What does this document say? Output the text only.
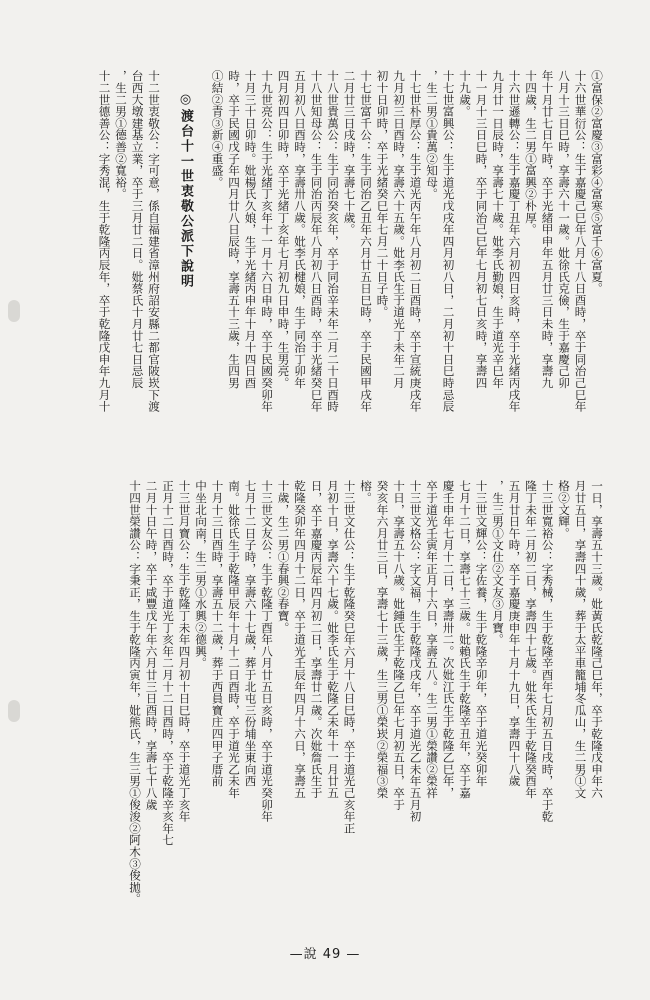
①富保②富慶③富彩④富寒⑤富千⑥富夏。
十六世華衍公：生于嘉慶己巳年八月十八日酉時，卒于同治己巳年
八月十三日巳時，享壽六十一歲。妣徐氏克儉，生于嘉慶己卯
年十月廿七日午時，卒于光緒甲申年五月廿三日未時，享壽九
十四歲，生二男①富興②朴厚。
十六世遜轉公：生于嘉慶丁丑年六月初四日亥時，卒于光緒丙戌年
九月廿一日辰時，享壽七十歲。妣李氏勤娘，生于道光辛巳年
十一月十三日巳時，卒于同治己巳年七月初七日亥時，享壽四
十九歲。
十七世富興公：生于道光戊戌年四月初八日，二月初十日巳時忌辰
，生二男①貴萬②知母。
十七世朴厚公：生于道光丙午年八月初二日酉時，卒于宣統庚戌年
九月初三日酉時，享壽六十五歲。妣李氏生于道光丁未年二月
初十日卯時，卒于光緒癸巳年七月二十日子時。
十七世富千公：生于同治乙丑年六月廿五日巳時，卒于民國甲戌年
二月廿三日戌時，享壽七十歲。
十八世貴萬公：生于同治癸亥年，卒于同治辛未年二月二十日酉時
十八世知母公：生于同治丙辰年八月初八日酉時，卒于光緒癸巳年
五月初八日酉時，享壽卅八歲。妣李氏楗娘，生于同治丁卯年
四月初四日卯時，卒于光緒丁亥年七月初九日申時，生男亮。
十九世亮公：生于光緒丁亥年十一月十六日申時，卒于民國癸卯年
十月三十日卯時。妣楊氏久娘，生于光緒丙申年十月十四日酉
時，卒于民國戊子年四月廿八日辰時，享壽五十三歲，生四男
①結②青③新④重盛。
◎渡台十一世衷敬公派下說明
十二世衷敬公：字可意，係自福建省漳州府詔安縣二都官陂崁下渡
台西大墩建基立業，卒于三月廿二日。妣蔡氏十月廿七日忌辰
，生二男①德善②寬裕。
十二世德善公：字秀混，生于乾隆丙辰年，卒于乾隆戊申年九月十
一日，享壽五十三歲。妣黃氏乾隆己巳年，卒于乾隆戊申年六
月廿五日，享壽四十歲，葬于太平車籠埔冬瓜山，生二男①文
格②文輝。
十三世寬裕公：字秀械，生于乾隆辛酉年七月初五日戌時，卒于乾
隆丁未年二月初二日，享壽四十七歲。妣朱氏生于乾隆癸酉年
五月廿日午時，卒于嘉慶庚申年十月十九日，享壽四十八歲
，生三男①文仕②文友③月寶。
十三世文輝公：字佐養，生于乾隆辛卯年，卒于道光癸卯年
七月十二日，享壽七十三歲。妣賴氏生于乾隆辛丑年，卒于嘉
慶壬申年七月十二日，享壽卅二。次妣江氏生于乾隆乙巳年，
卒于道光壬寅年正月十六日，享壽五八。生二男①榮讚②榮祥
十三世文格公：字文福，生于乾隆戊戌年，卒于道光乙未年五月初
十日，享壽五十八歲。妣鍾氏生于乾隆乙巳年七月初五日，卒于
癸亥年六月廿三日，享壽七十三歲，生三男①榮崁②榮福③榮
榕。
十三世文仕公：生于乾隆癸巳年六月十八日巳時，卒于道光己亥年正
月初十日，享壽六十七歲。妣李氏生于乾隆乙未年十一月廿五
日，卒于嘉慶丙辰年四月初二日，享壽廿二歲。次妣詹氏生于
乾隆癸卯年四月十二日，卒于道光壬辰年四月十六日，享壽五
十歲，生二男①春興②春寶。
十三世文友公：生于乾隆丁酉年八月廿五日亥時，卒于道光癸卯年
七月十二日子時，享壽六十七歲，葬于北屯三份埔坐東向西
南。妣徐氏生于乾隆甲辰年十月十二日酉時，卒于道光乙未年
十月十三日酉時，享壽五十二歲，葬于西員寶庄四甲子厝前
中坐北向南，生二男①水興②德興。
十三世月寶公：生于乾隆丁未年四月初十日巳時，卒于道光丁亥年
正月十二日酉時，卒于道光丁亥年二月十二日酉時，卒于乾隆辛亥年七
二月十日午時，卒于咸豐戊午年六月廿三日酉時，享壽七十八歲
十四世榮讚公：字秉正，生于乾隆丙寅年，妣熊氏，生三男①俊浚②阿木③俊拋。
—說 49 —
